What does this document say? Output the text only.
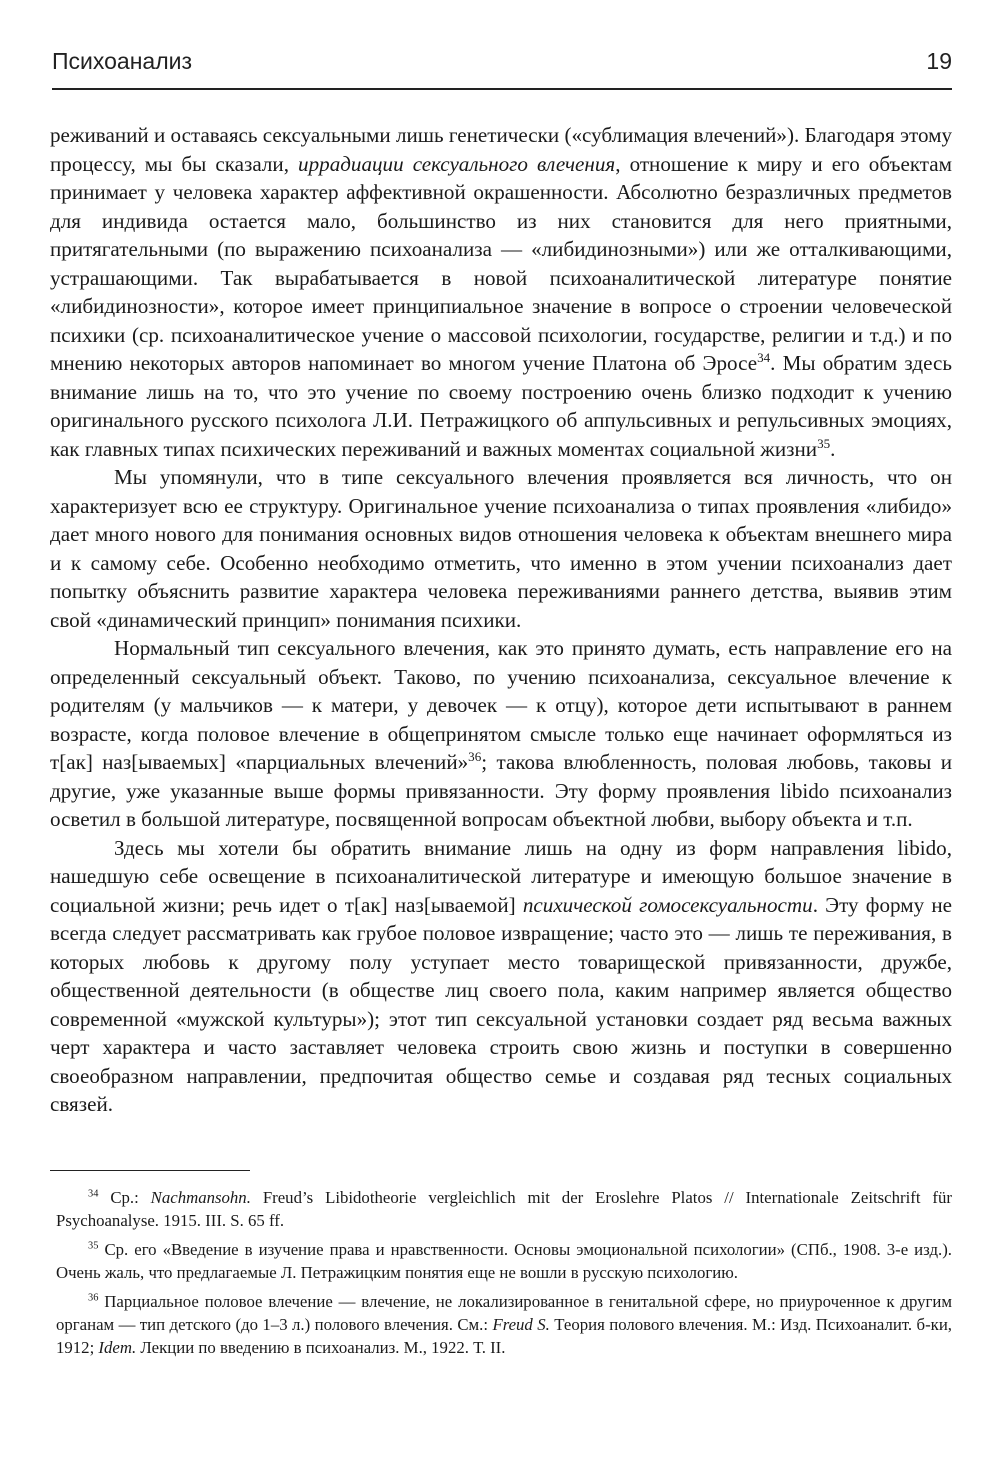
Психоанализ	19

реживаний и оставаясь сексуальными лишь генетически («сублимация влечений»). Благодаря этому процессу, мы бы сказали, иррадиации сексуального влечения, отношение к миру и его объектам принимает у человека характер аффективной окрашенности. Абсолютно безразличных предметов для индивида остается мало, большинство из них становится для него приятными, притягательными (по выражению психоанализа — «либидинозными») или же отталкивающими, устрашающими. Так вырабатывается в новой психоаналитической литературе понятие «либидинозности», которое имеет принципиальное значение в вопросе о строении человеческой психики (ср. психоаналитическое учение о массовой психологии, государстве, религии и т.д.) и по мнению некоторых авторов напоминает во многом учение Платона об Эросе$^{34}$. Мы обратим здесь внимание лишь на то, что это учение по своему построению очень близко подходит к учению оригинального русского психолога Л.И. Петражицкого об аппульсивных и репульсивных эмоциях, как главных типах психических переживаний и важных моментах социальной жизни$^{35}$.

Мы упомянули, что в типе сексуального влечения проявляется вся личность, что он характеризует всю ее структуру. Оригинальное учение психоанализа о типах проявления «либидо» дает много нового для понимания основных видов отношения человека к объектам внешнего мира и к самому себе. Особенно необходимо отметить, что именно в этом учении психоанализ дает попытку объяснить развитие характера человека переживаниями раннего детства, выявив этим свой «динамический принцип» понимания психики.

Нормальный тип сексуального влечения, как это принято думать, есть направление его на определенный сексуальный объект. Таково, по учению психоанализа, сексуальное влечение к родителям (у мальчиков — к матери, у девочек — к отцу), которое дети испытывают в раннем возрасте, когда половое влечение в общепринятом смысле только еще начинает оформляться из т[ак] наз[ываемых] «парциальных влечений»$^{36}$; такова влюбленность, половая любовь, таковы и другие, уже указанные выше формы привязанности. Эту форму проявления libido психоанализ осветил в большой литературе, посвященной вопросам объектной любви, выбору объекта и т.п.

Здесь мы хотели бы обратить внимание лишь на одну из форм направления libido, нашедшую себе освещение в психоаналитической литературе и имеющую большое значение в социальной жизни; речь идет о т[ак] наз[ываемой] психической гомосексуальности. Эту форму не всегда следует рассматривать как грубое половое извращение; часто это — лишь те переживания, в которых любовь к другому полу уступает место товарищеской привязанности, дружбе, общественной деятельности (в обществе лиц своего пола, каким например является общество современной «мужской культуры»); этот тип сексуальной установки создает ряд весьма важных черт характера и часто заставляет человека строить свою жизнь и поступки в совершенно своеобразном направлении, предпочитая общество семье и создавая ряд тесных социальных связей.

$^{34}$ Ср.: Nachmansohn. Freud’s Libidotheorie vergleichlich mit der Eroslehre Platos // Internationale Zeitschrift für Psychoanalyse. 1915. III. S. 65 ff.

$^{35}$ Ср. его «Введение в изучение права и нравственности. Основы эмоциональной психологии» (СПб., 1908. 3-е изд.). Очень жаль, что предлагаемые Л. Петражицким понятия еще не вошли в русскую психологию.

$^{36}$ Парциальное половое влечение — влечение, не локализированное в генитальной сфере, но приуроченное к другим органам — тип детского (до 1–3 л.) полового влечения. См.: Freud S. Теория полового влечения. М.: Изд. Психоаналит. б-ки, 1912; Idem. Лекции по введению в психоанализ. М., 1922. Т. II.
